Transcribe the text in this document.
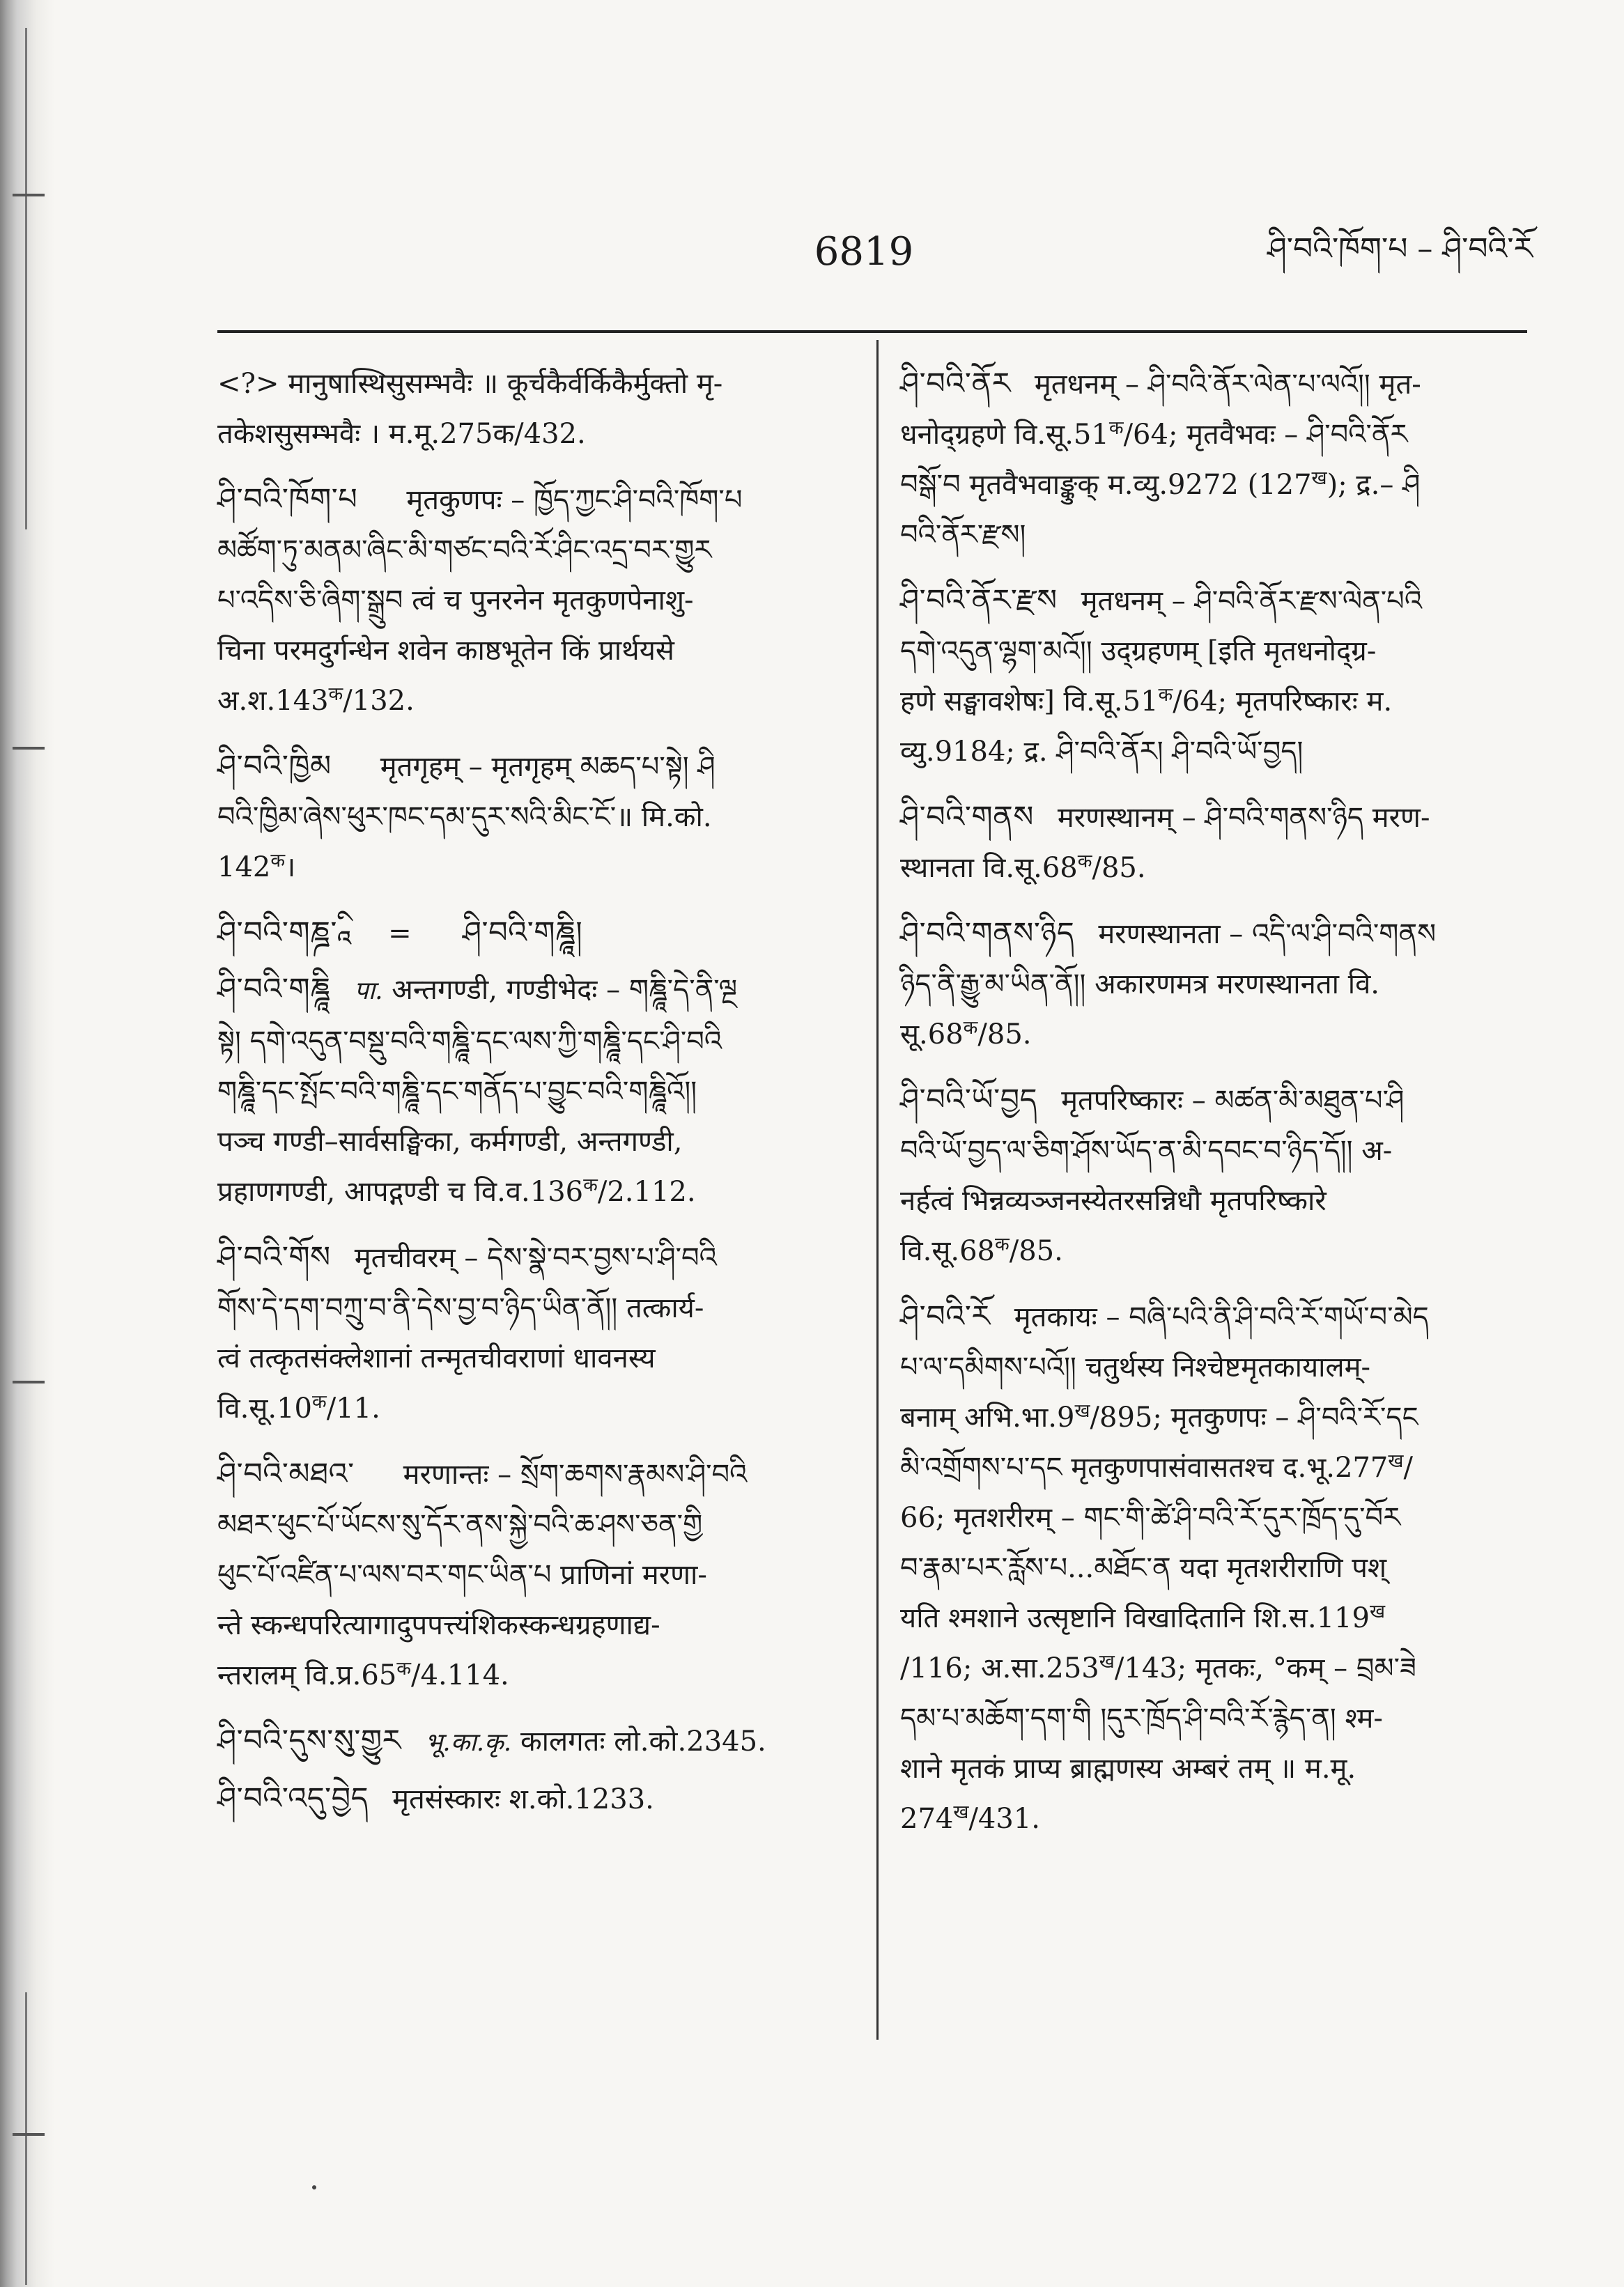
6819	ཤི་བའི་ཁོག་པ – ཤི་བའི་རོ
<?> मानुषास्थिसुसम्भवैः ॥ कूर्चकैर्वर्किकैर्मुक्तो मृ-
तकेशसुसम्भवैः । म.मू.275क/432.
ཤི་བའི་ཁོག་པ मृतकुणपः – ཁྱོད་ཀྱང་ཤི་བའི་ཁོག་པ
མཚོག་ཏུ་མནམ་ཞིང་མི་གཙང་བའི་རོ་ཤིང་འདྲ་བར་གྱུར
པ་འདིས་ཅི་ཞིག་སྒྲུབ त्वं च पुनरनेन मृतकुणपेनाशु-
चिना परमदुर्गन्धेन शवेन काष्ठभूतेन किं प्रार्थयसे
$अ.श.143^क/132$.
ཤི་བའི་ཁྱིམ मृतगृहम् – मृतगृहम् མཆད་པ་སྟེ། ཤི
བའི་ཁྱིམ་ཞེས་ཕུར་ཁང་དམ་དུར་སའི་མིང་ངོ་॥ मि.को.
$142^क।$
ཤི་བའི་གཎྜ་ཱི = ཤི་བའི་གཎྜཱི།
ཤི་བའི་གཎྜཱི पा. अन्तगण्डी, गण्डीभेदः – གཎྜཱི་དེ་ནི་ལྔ
སྟེ། དགེ་འདུན་བསྡུ་བའི་གཎྜཱི་དང་ལས་ཀྱི་གཎྜཱི་དང་ཤི་བའི
གཎྜཱི་དང་སྤོང་བའི་གཎྜཱི་དང་གནོད་པ་བྱུང་བའི་གཎྜཱིའོ།།
पञ्च गण्डी–सार्वसङ्घिका, कर्मगण्डी, अन्तगण्डी,
प्रहाणगण्डी, आपद्गण्डी च $वि.व.136^क/2.112$.
ཤི་བའི་གོས मृतचीवरम् – དེས་སྣེ་བར་བྱས་པ་ཤི་བའི
གོས་དེ་དག་བཀྲུ་བ་ནི་དེས་བྱ་བ་ཉིད་ཡིན་ནོ།། तत्कार्य-
त्वं तत्कृतसंक्लेशानां तन्मृतचीवराणां धावनस्य
$वि.सू.10^क/11$.
ཤི་བའི་མཐའ་ मरणान्तः – སྲོག་ཆགས་རྣམས་ཤི་བའི
མཐར་ཕུང་པོ་ཡོངས་སུ་དོར་ནས་སྐྱེ་བའི་ཆ་ཤས་ཅན་གྱི
ཕུང་པོ་འཛིན་པ་ལས་བར་གང་ཡིན་པ प्राणिनां मरणा-
न्ते स्कन्धपरित्यागादुपपत्त्यंशिकस्कन्धग्रहणाद्य-
न्तरालम् $वि.प्र.65^क/4.114$.
ཤི་བའི་དུས་སུ་གྱུར भू.का.कृ. कालगतः लो.को.2345.
ཤི་བའི་འདུ་བྱེད मृतसंस्कारः श.को.1233.
ཤི་བའི་ནོར मृतधनम् – ཤི་བའི་ནོར་ལེན་པ་ལའོ།། मृत-
धनोद्ग्रहणे $वि.सू.51^क/64$; मृतवैभवः – ཤི་བའི་ནོར
བསྒོ་བ मृतवैभवाङ्कुक् म.व्यु.9272 $(127^ख)$; द्र.– ཤི
བའི་ནོར་རྫས།
ཤི་བའི་ནོར་རྫས मृतधनम् – ཤི་བའི་ནོར་རྫས་ལེན་པའི
དགེ་འདུན་ལྷག་མའོ།། उद्ग्रहणम् [इति मृतधनोद्ग्र-
हणे सङ्घावशेषः] $वि.सू.51^क/64$; मृतपरिष्कारः म.
व्यु.9184; द्र. ཤི་བའི་ནོར། ཤི་བའི་ཡོ་བྱད།
ཤི་བའི་གནས मरणस्थानम् – ཤི་བའི་གནས་ཉིད मरण-
स्थानता $वि.सू.68^क/85$.
ཤི་བའི་གནས་ཉིད मरणस्थानता – འདི་ལ་ཤི་བའི་གནས
ཉིད་ནི་རྒྱུ་མ་ཡིན་ནོ།། अकारणमत्र मरणस्थानता वि.
$सू.68^क/85$.
ཤི་བའི་ཡོ་བྱད मृतपरिष्कारः – མཚན་མི་མཐུན་པ་ཤི
བའི་ཡོ་བྱད་ལ་ཅིག་ཤོས་ཡོད་ན་མི་དབང་བ་ཉིད་དོ།། अ-
नर्हत्वं भिन्नव्यञ्जनस्येतरसन्निधौ मृतपरिष्कारे
$वि.सू.68^क/85$.
ཤི་བའི་རོ मृतकायः – བཞི་པའི་ནི་ཤི་བའི་རོ་གཡོ་བ་མེད
པ་ལ་དམིགས་པའོ།། चतुर्थस्य निश्चेष्टमृतकायालम्-
बनाम् $अभि.भा.9^ख/895$; मृतकुणपः – ཤི་བའི་རོ་དང
མི་འགྲོགས་པ་དང मृतकुणपासंवासतश्च $द.भू.277^ख/$
66; मृतशरीरम् – གང་གི་ཚེ་ཤི་བའི་རོ་དུར་ཁྲོད་དུ་བོར
བ་རྣམ་པར་རློས་པ...མཐོང་ན यदा मृतशरीराणि पश्
यति श्मशाने उत्सृष्टानि विखादितानि $शि.स.119^ख$
/116; $अ.सा.253^ख/143$; मृतकः, °कम् – བྲམ་ཟེ
དམ་པ་མཆོག་དག་གི །དུར་ཁྲོད་ཤི་བའི་རོ་རྙེད་ན། श्म-
शाने मृतकं प्राप्य ब्राह्मणस्य अम्बरं तम् ॥ म.मू.
$274^ख/431$.
